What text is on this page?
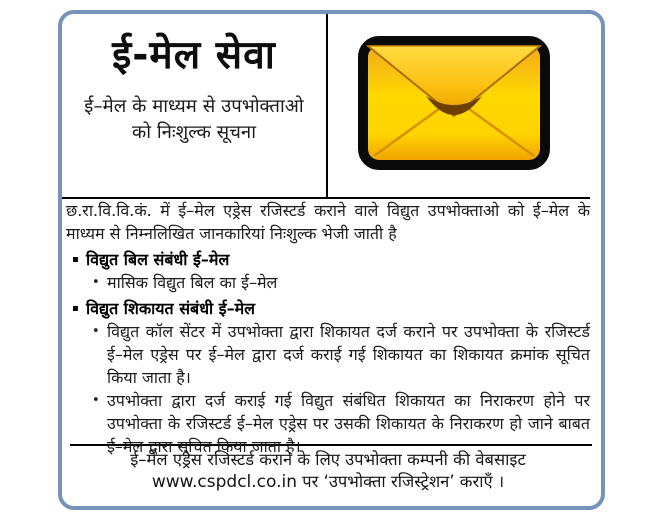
ई-मेल सेवा
ई–मेल के माध्यम से उपभोक्ताओ
को निःशुल्क सूचना
छ.रा.वि.वि.कं. में ई–मेल एड्रेस रजिस्टर्ड कराने वाले विद्युत उपभोक्ताओ को ई–मेल के माध्यम से निम्नलिखित जानकारियां निःशुल्क भेजी जाती है
▪ विद्युत बिल संबंधी ई–मेल
• मासिक विद्युत बिल का ई–मेल
▪ विद्युत शिकायत संबंधी ई–मेल
• विद्युत कॉल सेंटर में उपभोक्ता द्वारा शिकायत दर्ज कराने पर उपभोक्ता के रजिस्टर्ड ई–मेल एड्रेस पर ई–मेल द्वारा दर्ज कराई गई शिकायत का शिकायत क्रमांक सूचित किया जाता है।
• उपभोक्ता द्वारा दर्ज कराई गई विद्युत संबंधित शिकायत का निराकरण होने पर उपभोक्ता के रजिस्टर्ड ई–मेल एड्रेस पर उसकी शिकायत के निराकरण हो जाने बाबत ई–मेल द्वारा सूचित किया जाता है।
ई–मेल एड्रेस रजिस्टर्ड कराने के लिए उपभोक्ता कम्पनी की वेबसाइट
www.cspdcl.co.in पर ‘उपभोक्ता रजिस्ट्रेशन’ कराएँ ।
